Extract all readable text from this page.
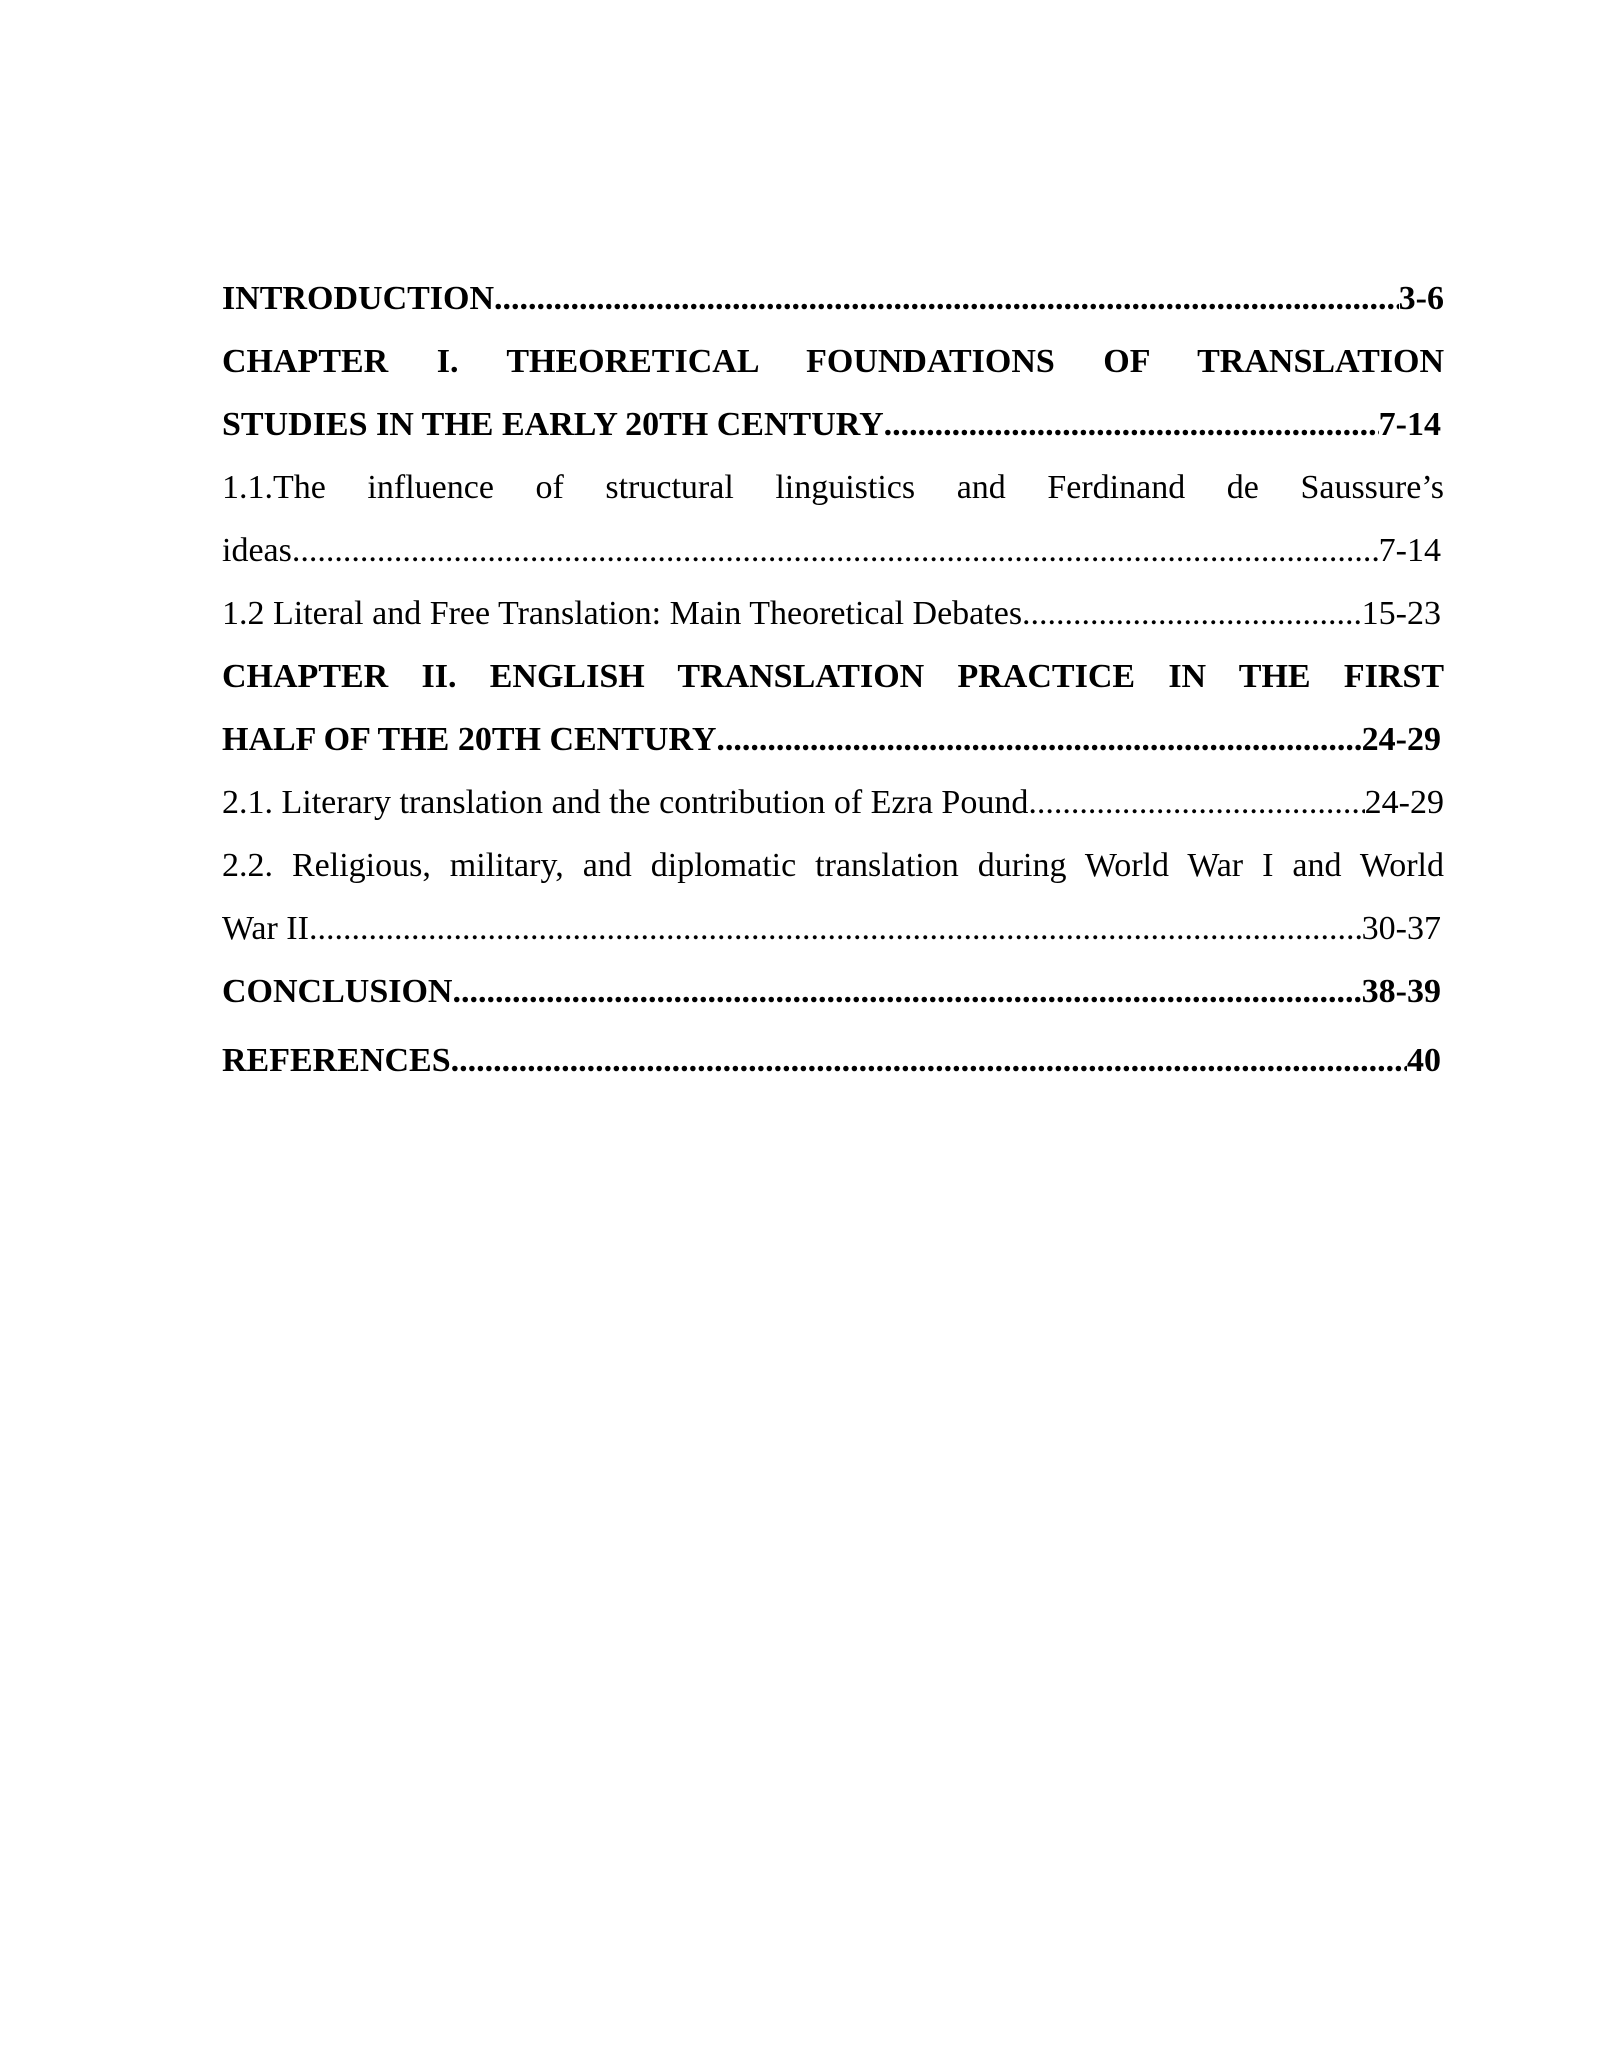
INTRODUCTION .....	3-6
CHAPTER I. THEORETICAL FOUNDATIONS OF TRANSLATION
STUDIES IN THE EARLY 20TH CENTURY .....	7-14
1.1.The influence of structural linguistics and Ferdinand de Saussure’s
ideas .....	7-14
1.2 Literal and Free Translation: Main Theoretical Debates .....	15-23
CHAPTER II. ENGLISH TRANSLATION PRACTICE IN THE FIRST
HALF OF THE 20TH CENTURY .....	24-29
2.1. Literary translation and the contribution of Ezra Pound .....	24-29
2.2. Religious, military, and diplomatic translation during World War I and World
War II .....	30-37
CONCLUSION .....	38-39
REFERENCES .....	40
